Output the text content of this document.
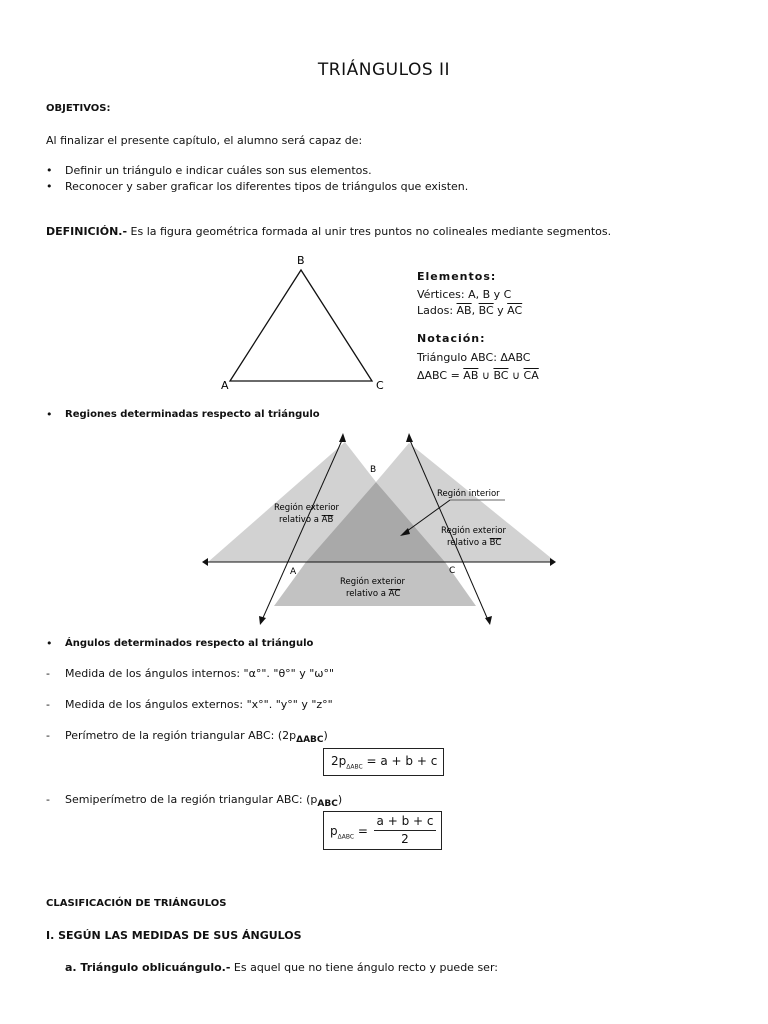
TRIÁNGULOS II
OBJETIVOS:
Al finalizar el presente capítulo, el alumno será capaz de:
• Definir un triángulo e indicar cuáles son sus elementos.
• Reconocer y saber graficar los diferentes tipos de triángulos que existen.
DEFINICIÓN.- Es la figura geométrica formada al unir tres puntos no colineales mediante segmentos.
B
A	C
Elementos:
Vértices: A, B y C
Lados: $\overline{AB}$, $\overline{BC}$ y $\overline{AC}$
Notación:
Triángulo ABC: ΔABC
$\Delta ABC = \overline{AB}$ ∪ $\overline{BC}$ ∪ $\overline{CA}$
• Regiones determinadas respecto al triángulo
B
A	C
Región interior
Región exterior
relativo a AB
Región exterior
relativo a BC
Región exterior
relativo a AC
• Ángulos determinados respecto al triángulo
- Medida de los ángulos internos: "α°". "θ°" y "ω°"
- Medida de los ángulos externos: "x°". "y°" y "z°"
- Perímetro de la región triangular ABC: $(2p_{\Delta ABC})$
$2p_{\Delta ABC} = a + b + c$
- Semiperímetro de la región triangular ABC: $(p_{ABC})$
$p_{\Delta ABC}$ =
a + b + c
2
CLASIFICACIÓN DE TRIÁNGULOS
I. SEGÚN LAS MEDIDAS DE SUS ÁNGULOS
a. Triángulo oblicuángulo.- Es aquel que no tiene ángulo recto y puede ser:
